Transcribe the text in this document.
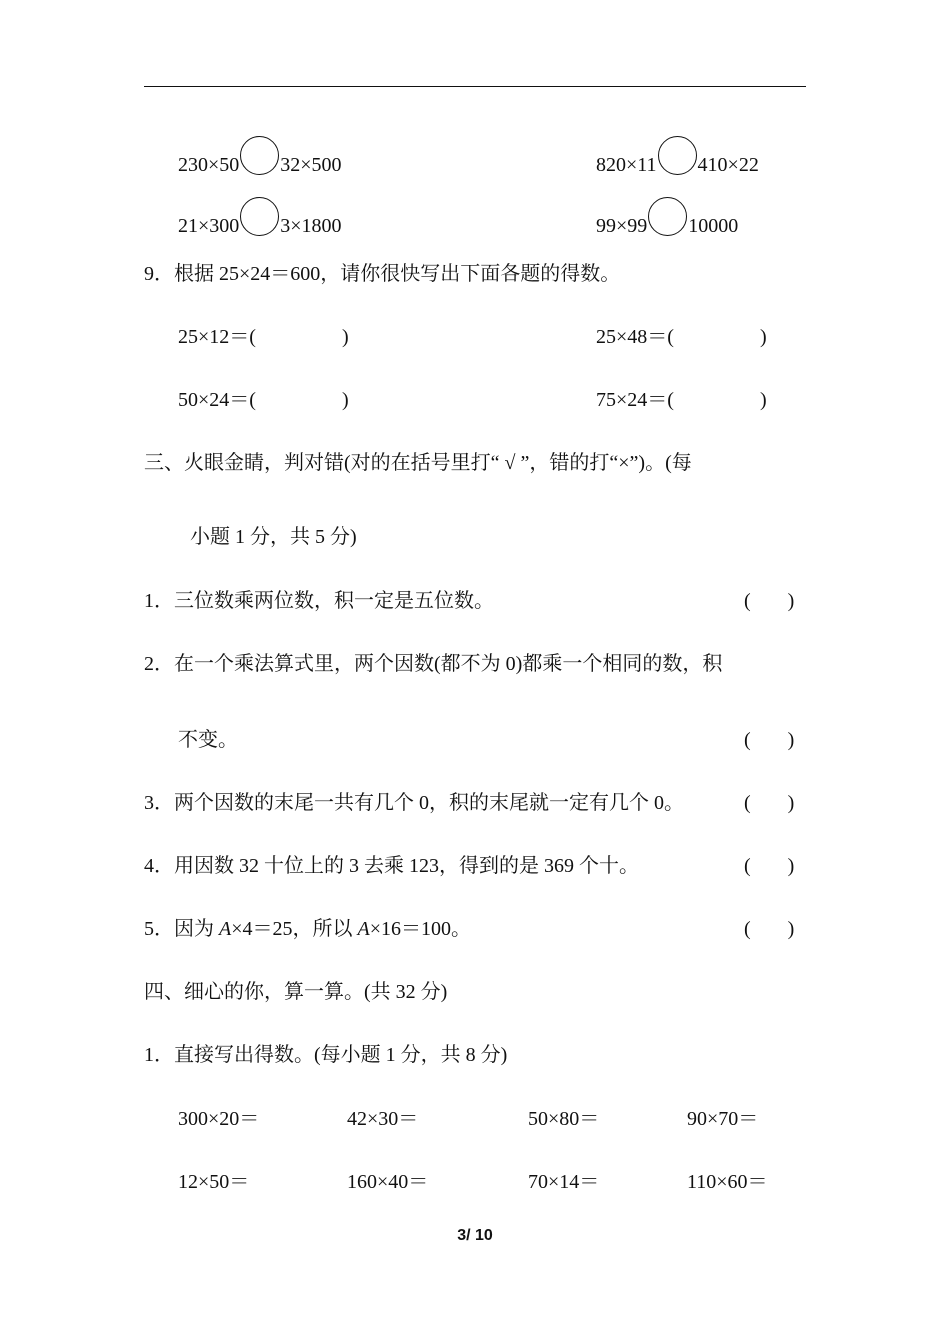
230×50 32×500	820×11 410×22
21×300 3×1800	99×99 10000
9．根据 25×24＝600，请你很快写出下面各题的得数。
25×12＝(	)	25×48＝(	)
50×24＝(	)	75×24＝(	)
三、火眼金睛，判对错(对的在括号里打“ √ ”，错的打“×”)。(每
小题 1 分，共 5 分)
1．三位数乘两位数，积一定是五位数。	( )
2．在一个乘法算式里，两个因数(都不为 0)都乘一个相同的数，积
不变。	( )
3．两个因数的末尾一共有几个 0，积的末尾就一定有几个 0。	( )
4．用因数 32 十位上的 3 去乘 123，得到的是 369 个十。	( )
5．因为 A×4＝25，所以 A×16＝100。	( )
四、细心的你，算一算。(共 32 分)
1．直接写出得数。(每小题 1 分，共 8 分)
300×20＝	42×30＝	50×80＝	90×70＝
12×50＝	160×40＝	70×14＝	110×60＝
3/ 10
